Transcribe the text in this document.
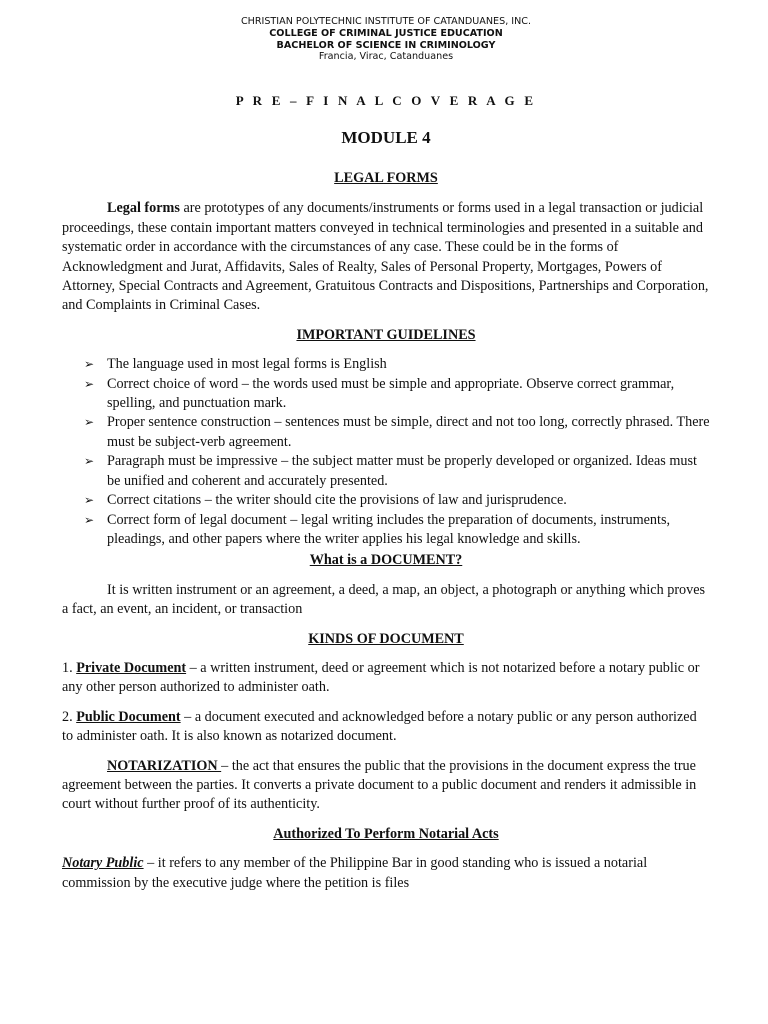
CHRISTIAN POLYTECHNIC INSTITUTE OF CATANDUANES, INC.
COLLEGE OF CRIMINAL JUSTICE EDUCATION
BACHELOR OF SCIENCE IN CRIMINOLOGY
Francia, Virac, Catanduanes
P R E – F I N A L C O V E R A G E
MODULE 4

LEGAL FORMS

Legal forms are prototypes of any documents/instruments or forms used in a legal transaction or judicial proceedings, these contain important matters conveyed in technical terminologies and presented in a suitable and systematic order in accordance with the circumstances of any case. These could be in the forms of Acknowledgment and Jurat, Affidavits, Sales of Realty, Sales of Personal Property, Mortgages, Powers of Attorney, Special Contracts and Agreement, Gratuitous Contracts and Dispositions, Partnerships and Corporation, and Complaints in Criminal Cases.

IMPORTANT GUIDELINES

➢ The language used in most legal forms is English
➢ Correct choice of word – the words used must be simple and appropriate. Observe correct grammar, spelling, and punctuation mark.
➢ Proper sentence construction – sentences must be simple, direct and not too long, correctly phrased. There must be subject-verb agreement.
➢ Paragraph must be impressive – the subject matter must be properly developed or organized. Ideas must be unified and coherent and accurately presented.
➢ Correct citations – the writer should cite the provisions of law and jurisprudence.
➢ Correct form of legal document – legal writing includes the preparation of documents, instruments, pleadings, and other papers where the writer applies his legal knowledge and skills.

What is a DOCUMENT?

It is written instrument or an agreement, a deed, a map, an object, a photograph or anything which proves a fact, an event, an incident, or transaction

KINDS OF DOCUMENT

1. Private Document – a written instrument, deed or agreement which is not notarized before a notary public or any other person authorized to administer oath.

2. Public Document – a document executed and acknowledged before a notary public or any person authorized to administer oath. It is also known as notarized document.

NOTARIZATION – the act that ensures the public that the provisions in the document express the true agreement between the parties. It converts a private document to a public document and renders it admissible in court without further proof of its authenticity.

Authorized To Perform Notarial Acts

Notary Public – it refers to any member of the Philippine Bar in good standing who is issued a notarial commission by the executive judge where the petition is files
